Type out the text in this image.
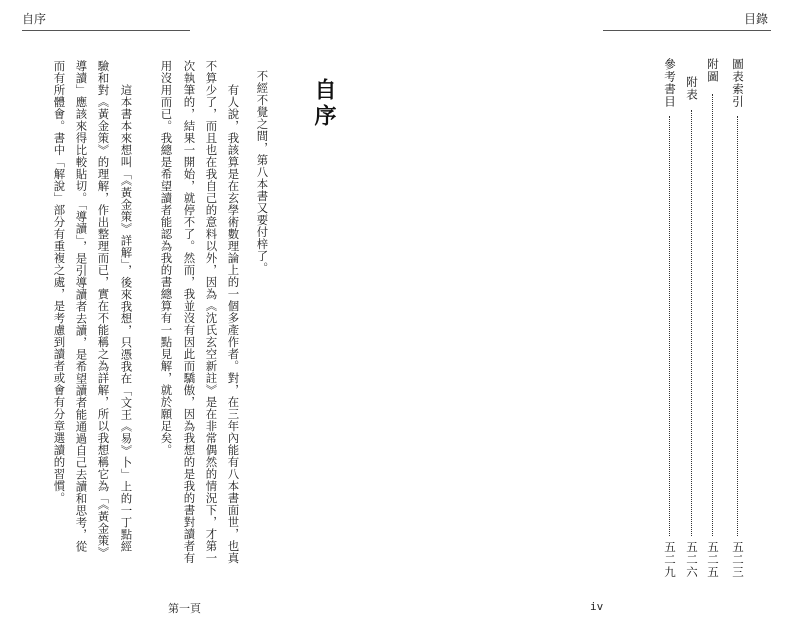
自序
自序
不經不覺之間，第八本書又要付梓了。
有人說，我該算是在玄學術數理論上的一個多產作者。對，在三年內能有八本書面世，也真
不算少了，而且也在我自己的意料以外，因為《沈氏玄空新註》是在非常偶然的情況下，才第一
次執筆的，結果一開始，就停不了。然而，我並沒有因此而驕傲，因為我想的是我的書對讀者有
用沒用而已。我總是希望讀者能認為我的書總算有一點見解，就於願足矣。
這本書本來想叫「《黃金策》詳解」，後來我想，只憑我在「文王《易》卜」上的一丁點經
驗和對《黃金策》的理解，作出整理而已，實在不能稱之為詳解，所以我想稱它為「《黃金策》
導讀」應該來得比較貼切。「導讀」，是引導讀者去讀，是希望讀者能通過自己去讀和思考，從
而有所體會。書中「解說」部分有重複之處，是考慮到讀者或會有分章選讀的習慣。
第一頁
目錄
圖表索引
五二三
附圖
五二五
附表
五二六
參考書目
五二九
iv
